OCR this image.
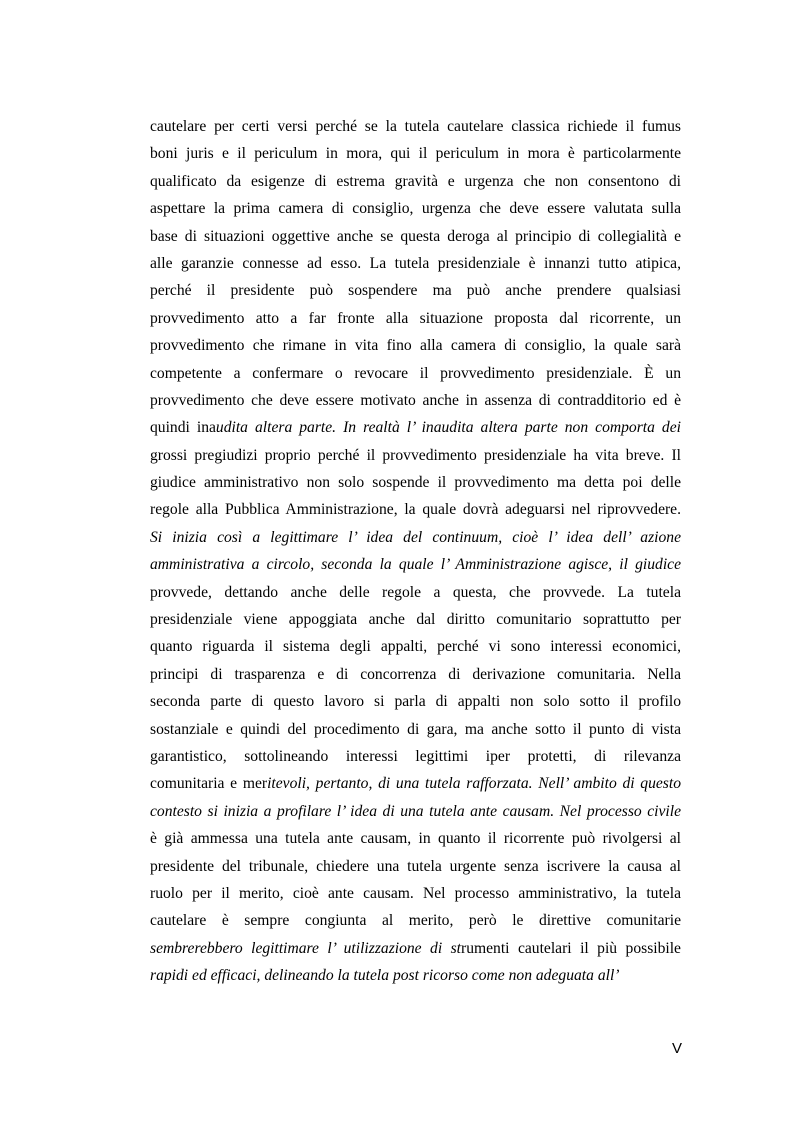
cautelare per certi versi perché se la tutela cautelare classica richiede il fumus
boni juris e il periculum in mora, qui il periculum in mora è particolarmente
qualificato da esigenze di estrema gravità e urgenza che non consentono di
aspettare la prima camera di consiglio, urgenza che deve essere valutata sulla
base di situazioni oggettive anche se questa deroga al principio di collegialità e
alle garanzie connesse ad esso. La tutela presidenziale è innanzi tutto atipica,
perché il presidente può sospendere ma può anche prendere qualsiasi
provvedimento atto a far fronte alla situazione proposta dal ricorrente, un
provvedimento che rimane in vita fino alla camera di consiglio, la quale sarà
competente a confermare o revocare il provvedimento presidenziale. È un
provvedimento che deve essere motivato anche in assenza di contradditorio ed è
quindi inaudita altera parte. In realtà l’ inaudita altera parte non comporta dei
grossi pregiudizi proprio perché il provvedimento presidenziale ha vita breve. Il
giudice amministrativo non solo sospende il provvedimento ma detta poi delle
regole alla Pubblica Amministrazione, la quale dovrà adeguarsi nel riprovvedere.
Si inizia così a legittimare l’ idea del continuum, cioè l’ idea dell’ azione
amministrativa a circolo, seconda la quale l’ Amministrazione agisce, il giudice
provvede, dettando anche delle regole a questa, che provvede. La tutela
presidenziale viene appoggiata anche dal diritto comunitario soprattutto per
quanto riguarda il sistema degli appalti, perché vi sono interessi economici,
principi di trasparenza e di concorrenza di derivazione comunitaria. Nella
seconda parte di questo lavoro si parla di appalti non solo sotto il profilo
sostanziale e quindi del procedimento di gara, ma anche sotto il punto di vista
garantistico, sottolineando interessi legittimi iper protetti, di rilevanza
comunitaria e meritevoli, pertanto, di una tutela rafforzata. Nell’ ambito di questo
contesto si inizia a profilare l’ idea di una tutela ante causam. Nel processo civile
è già ammessa una tutela ante causam, in quanto il ricorrente può rivolgersi al
presidente del tribunale, chiedere una tutela urgente senza iscrivere la causa al
ruolo per il merito, cioè ante causam. Nel processo amministrativo, la tutela
cautelare è sempre congiunta al merito, però le direttive comunitarie
sembrerebbero legittimare l’ utilizzazione di strumenti cautelari il più possibile
rapidi ed efficaci, delineando la tutela post ricorso come non adeguata all’
V
